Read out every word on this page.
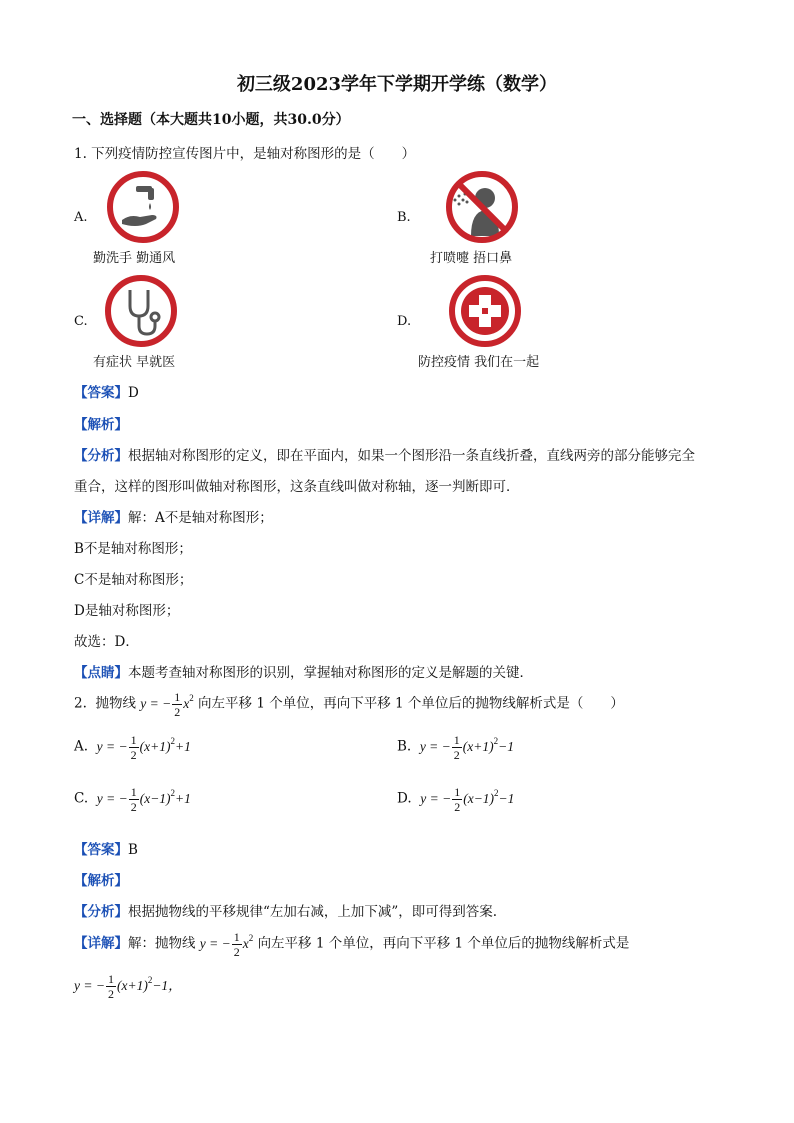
初三级2023学年下学期开学练（数学）
一、选择题（本大题共10小题，共30.0分）
1. 下列疫情防控宣传图片中，是轴对称图形的是（　　）
A.
勤洗手 勤通风
B.
打喷嚏 捂口鼻
C.
有症状 早就医
D.
防控疫情 我们在一起
【答案】D
【解析】
【分析】根据轴对称图形的定义，即在平面内，如果一个图形沿一条直线折叠，直线两旁的部分能够完全
重合，这样的图形叫做轴对称图形，这条直线叫做对称轴，逐一判断即可．
【详解】解：A不是轴对称图形；
B不是轴对称图形；
C不是轴对称图形；
D是轴对称图形；
故选：D．
【点睛】本题考查轴对称图形的识别，掌握轴对称图形的定义是解题的关键．
2. 抛物线 y = − $\frac{1}{2} x^2$ 向左平移 1 个单位，再向下平移 1 个单位后的抛物线解析式是（　　）
A. y = − $\frac{1}{2} (x+1)^2+1$	B. y = − $\frac{1}{2} (x+1)^2-1$
C. y = − $\frac{1}{2} (x-1)^2+1$	D. y = − $\frac{1}{2} (x-1)^2-1$
【答案】B
【解析】
【分析】根据抛物线的平移规律“左加右减，上加下减”，即可得到答案.
【详解】解：抛物线 y = − $\frac{1}{2} x^2$ 向左平移 1 个单位，再向下平移 1 个单位后的抛物线解析式是
y = − $\frac{1}{2} (x+1)^2-1$，
